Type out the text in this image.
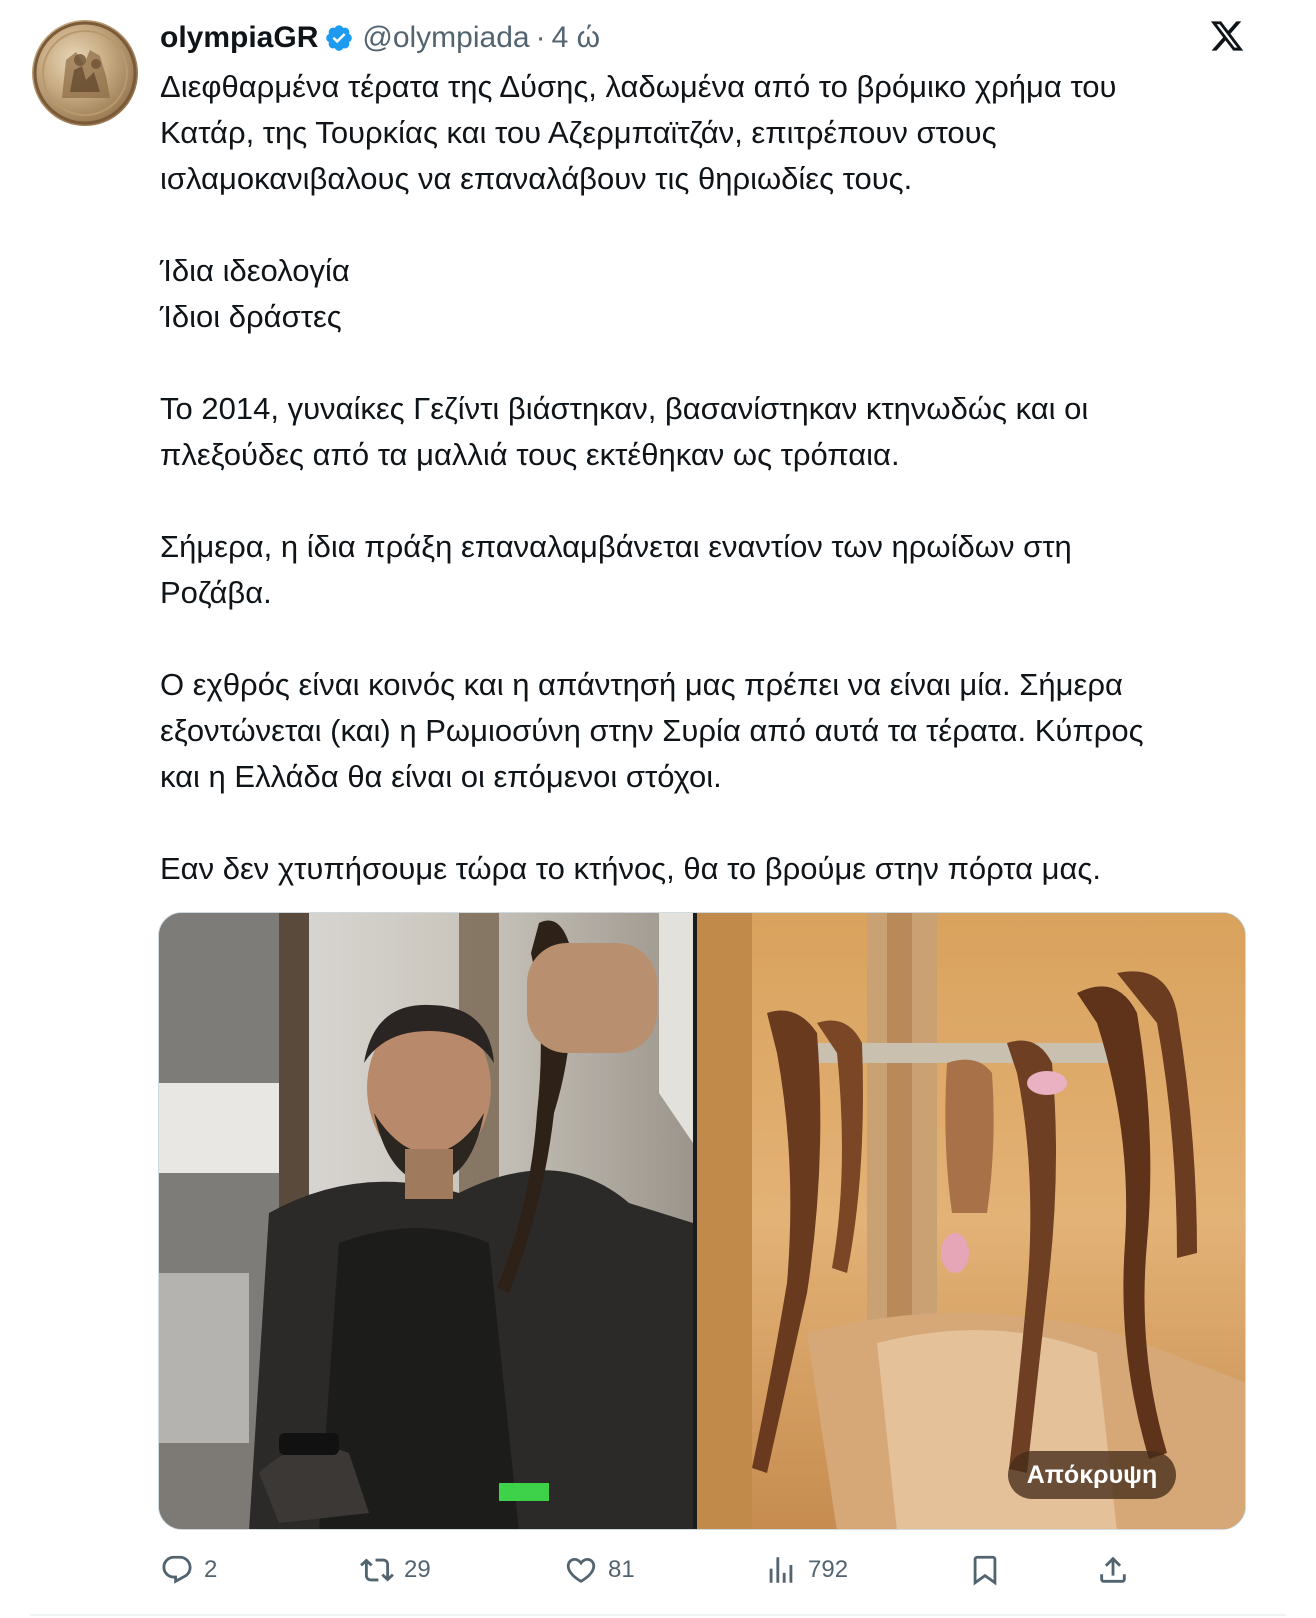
olympiaGR @olympiada · 4 ώ
Διεφθαρμένα τέρατα της Δύσης, λαδωμένα από το βρόμικο χρήμα του
Κατάρ, της Τουρκίας και του Αζερμπαϊτζάν, επιτρέπουν στους
ισλαμοκανιβαλους να επαναλάβουν τις θηριωδίες τους.
Ίδια ιδεολογία
Ίδιοι δράστες
Το 2014, γυναίκες Γεζίντι βιάστηκαν, βασανίστηκαν κτηνωδώς και οι
πλεξούδες από τα μαλλιά τους εκτέθηκαν ως τρόπαια.
Σήμερα, η ίδια πράξη επαναλαμβάνεται εναντίον των ηρωίδων στη
Ροζάβα.
Ο εχθρός είναι κοινός και η απάντησή μας πρέπει να είναι μία. Σήμερα
εξοντώνεται (και) η Ρωμιοσύνη στην Συρία από αυτά τα τέρατα. Κύπρος
και η Ελλάδα θα είναι οι επόμενοι στόχοι.
Εαν δεν χτυπήσουμε τώρα το κτήνος, θα το βρούμε στην πόρτα μας.
Απόκρυψη
2	29	81	792
